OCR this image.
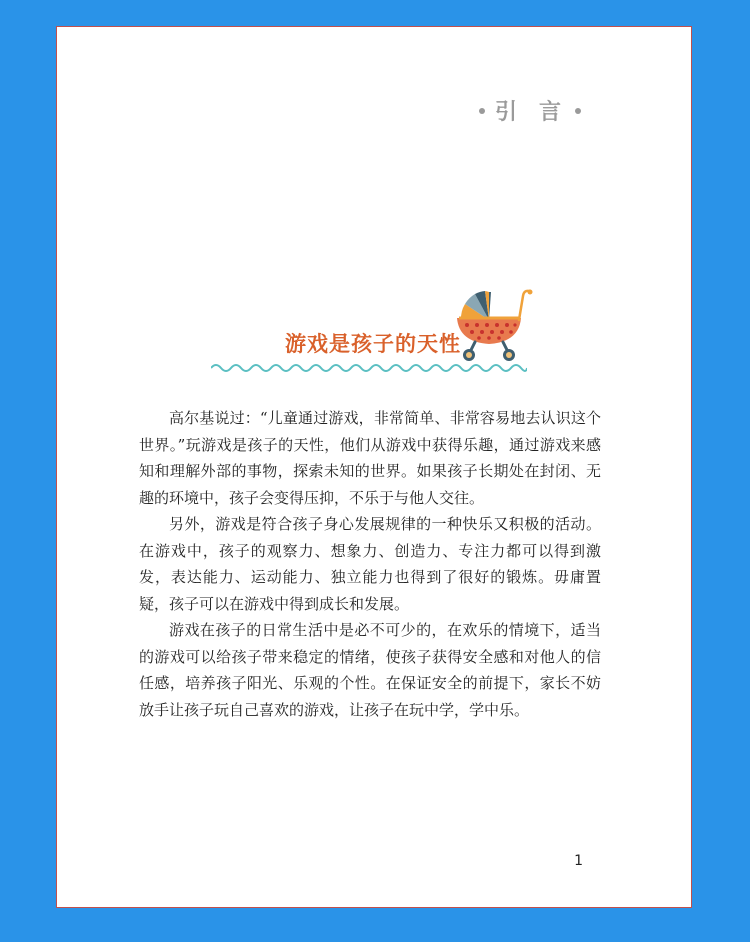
引 言
游戏是孩子的天性

高尔基说过：“儿童通过游戏，非常简单、非常容易地去认识这个世界。”玩游戏是孩子的天性，他们从游戏中获得乐趣，通过游戏来感知和理解外部的事物，探索未知的世界。如果孩子长期处在封闭、无趣的环境中，孩子会变得压抑，不乐于与他人交往。

另外，游戏是符合孩子身心发展规律的一种快乐又积极的活动。在游戏中，孩子的观察力、想象力、创造力、专注力都可以得到激发，表达能力、运动能力、独立能力也得到了很好的锻炼。毋庸置疑，孩子可以在游戏中得到成长和发展。

游戏在孩子的日常生活中是必不可少的，在欢乐的情境下，适当的游戏可以给孩子带来稳定的情绪，使孩子获得安全感和对他人的信任感，培养孩子阳光、乐观的个性。在保证安全的前提下，家长不妨放手让孩子玩自己喜欢的游戏，让孩子在玩中学，学中乐。

1
